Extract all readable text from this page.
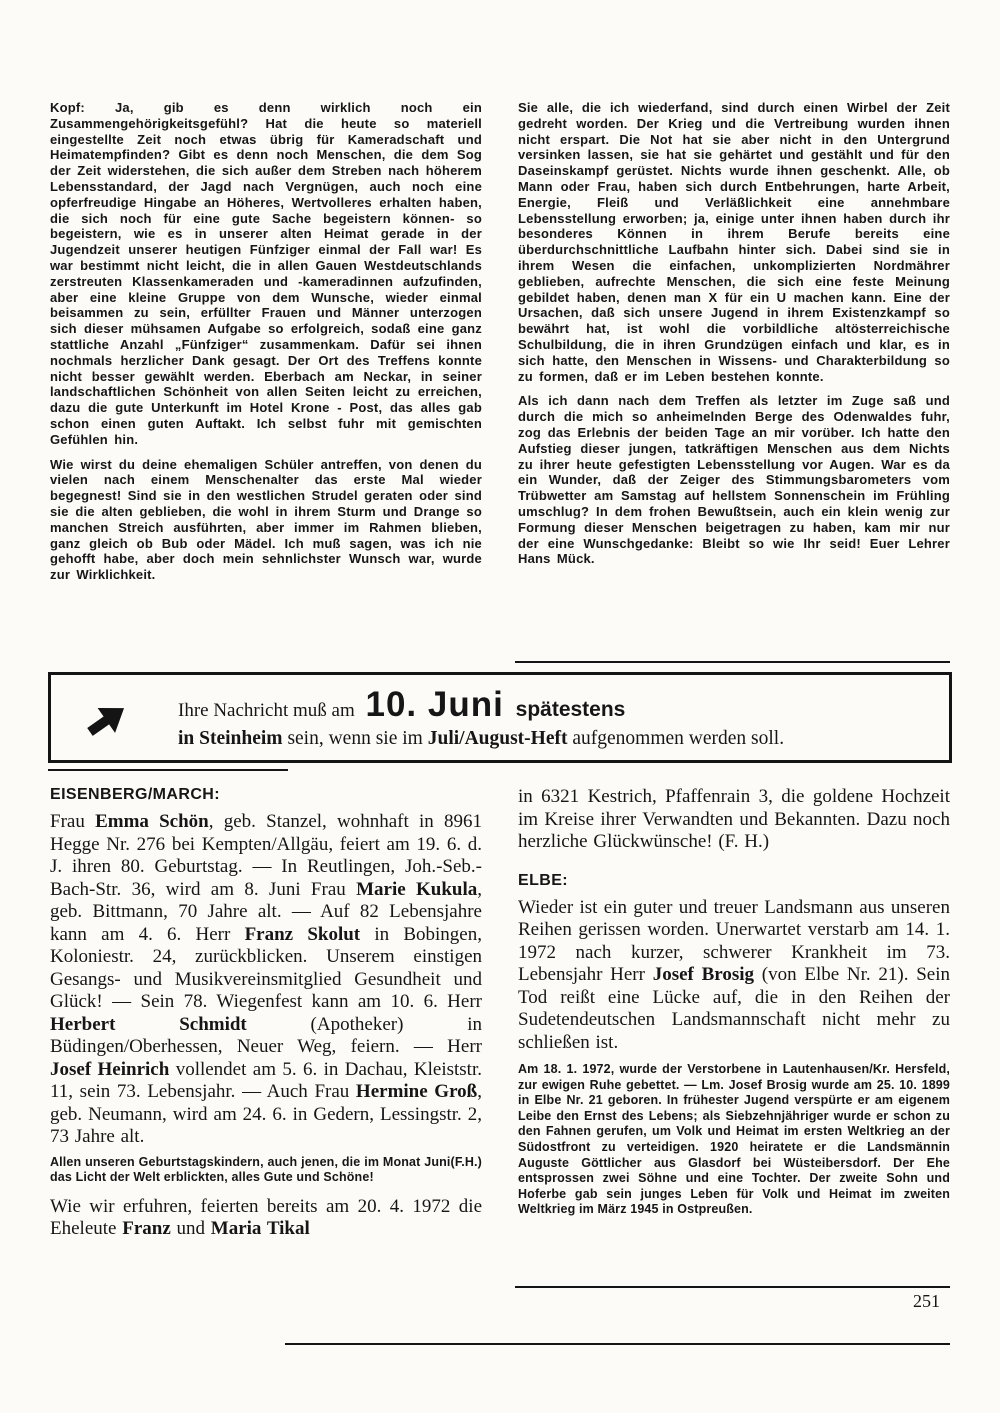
Kopf: Ja, gib es denn wirklich noch ein Zusammengehörigkeitsgefühl? Hat die heute so materiell eingestellte Zeit noch etwas übrig für Kameradschaft und Heimatempfinden? Gibt es denn noch Menschen, die dem Sog der Zeit widerstehen, die sich außer dem Streben nach höherem Lebensstandard, der Jagd nach Vergnügen, auch noch eine opferfreudige Hingabe an Höheres, Wertvolleres erhalten haben, die sich noch für eine gute Sache begeistern können- so begeistern, wie es in unserer alten Heimat gerade in der Jugendzeit unserer heutigen Fünfziger einmal der Fall war! Es war bestimmt nicht leicht, die in allen Gauen Westdeutschlands zerstreuten Klassenkameraden und -kameradinnen aufzufinden, aber eine kleine Gruppe von dem Wunsche, wieder einmal beisammen zu sein, erfüllter Frauen und Männer unterzogen sich dieser mühsamen Aufgabe so erfolgreich, sodaß eine ganz stattliche Anzahl „Fünfziger“ zusammenkam. Dafür sei ihnen nochmals herzlicher Dank gesagt. Der Ort des Treffens konnte nicht besser gewählt werden. Eberbach am Neckar, in seiner landschaftlichen Schönheit von allen Seiten leicht zu erreichen, dazu die gute Unterkunft im Hotel Krone - Post, das alles gab schon einen guten Auftakt. Ich selbst fuhr mit gemischten Gefühlen hin.

Wie wirst du deine ehemaligen Schüler antreffen, von denen du vielen nach einem Menschenalter das erste Mal wieder begegnest! Sind sie in den westlichen Strudel geraten oder sind sie die alten geblieben, die wohl in ihrem Sturm und Drange so manchen Streich ausführten, aber immer im Rahmen blieben, ganz gleich ob Bub oder Mädel. Ich muß sagen, was ich nie gehofft habe, aber doch mein sehnlichster Wunsch war, wurde zur Wirklichkeit.

Sie alle, die ich wiederfand, sind durch einen Wirbel der Zeit gedreht worden. Der Krieg und die Vertreibung wurden ihnen nicht erspart. Die Not hat sie aber nicht in den Untergrund versinken lassen, sie hat sie gehärtet und gestählt und für den Daseinskampf gerüstet. Nichts wurde ihnen geschenkt. Alle, ob Mann oder Frau, haben sich durch Entbehrungen, harte Arbeit, Energie, Fleiß und Verläßlichkeit eine annehmbare Lebensstellung erworben; ja, einige unter ihnen haben durch ihr besonderes Können in ihrem Berufe bereits eine überdurchschnittliche Laufbahn hinter sich. Dabei sind sie in ihrem Wesen die einfachen, unkomplizierten Nordmährer geblieben, aufrechte Menschen, die sich eine feste Meinung gebildet haben, denen man X für ein U machen kann. Eine der Ursachen, daß sich unsere Jugend in ihrem Existenzkampf so bewährt hat, ist wohl die vorbildliche altösterreichische Schulbildung, die in ihren Grundzügen einfach und klar, es in sich hatte, den Menschen in Wissens- und Charakterbildung so zu formen, daß er im Leben bestehen konnte.

Als ich dann nach dem Treffen als letzter im Zuge saß und durch die mich so anheimelnden Berge des Odenwaldes fuhr, zog das Erlebnis der beiden Tage an mir vorüber. Ich hatte den Aufstieg dieser jungen, tatkräftigen Menschen aus dem Nichts zu ihrer heute gefestigten Lebensstellung vor Augen. War es da ein Wunder, daß der Zeiger des Stimmungsbarometers vom Trübwetter am Samstag auf hellstem Sonnenschein im Frühling umschlug? In dem frohen Bewußtsein, auch ein klein wenig zur Formung dieser Menschen beigetragen zu haben, kam mir nur der eine Wunschgedanke: Bleibt so wie Ihr seid! Euer Lehrer Hans Mück.

Ihre Nachricht muß am 10. Juni spätestens
in Steinheim sein, wenn sie im Juli/August-Heft aufgenommen werden soll.
EISENBERG/MARCH:

Frau Emma Schön, geb. Stanzel, wohnhaft in 8961 Hegge Nr. 276 bei Kempten/Allgäu, feiert am 19. 6. d. J. ihren 80. Geburtstag. — In Reutlingen, Joh.-Seb.-Bach-Str. 36, wird am 8. Juni Frau Marie Kukula, geb. Bittmann, 70 Jahre alt. — Auf 82 Lebensjahre kann am 4. 6. Herr Franz Skolut in Bobingen, Koloniestr. 24, zurückblicken. Unserem einstigen Gesangs- und Musikvereinsmitglied Gesundheit und Glück! — Sein 78. Wiegenfest kann am 10. 6. Herr Herbert Schmidt (Apotheker) in Büdingen/Oberhessen, Neuer Weg, feiern. — Herr Josef Heinrich vollendet am 5. 6. in Dachau, Kleiststr. 11, sein 73. Lebensjahr. — Auch Frau Hermine Groß, geb. Neumann, wird am 24. 6. in Gedern, Lessingstr. 2, 73 Jahre alt.

(F.H.)
Allen unseren Geburtstagskindern, auch jenen, die im Monat Juni das Licht der Welt erblickten, alles Gute und Schöne!

Wie wir erfuhren, feierten bereits am 20. 4. 1972 die Eheleute Franz und Maria Tikal

in 6321 Kestrich, Pfaffenrain 3, die goldene Hochzeit im Kreise ihrer Verwandten und Bekannten. Dazu noch herzliche Glückwünsche! (F. H.)

ELBE:

Wieder ist ein guter und treuer Landsmann aus unseren Reihen gerissen worden. Unerwartet verstarb am 14. 1. 1972 nach kurzer, schwerer Krankheit im 73. Lebensjahr Herr Josef Brosig (von Elbe Nr. 21). Sein Tod reißt eine Lücke auf, die in den Reihen der Sudetendeutschen Landsmannschaft nicht mehr zu schließen ist.

Am 18. 1. 1972, wurde der Verstorbene in Lautenhausen/Kr. Hersfeld, zur ewigen Ruhe gebettet. — Lm. Josef Brosig wurde am 25. 10. 1899 in Elbe Nr. 21 geboren. In frühester Jugend verspürte er am eigenem Leibe den Ernst des Lebens; als Siebzehnjähriger wurde er schon zu den Fahnen gerufen, um Volk und Heimat im ersten Weltkrieg an der Südostfront zu verteidigen. 1920 heiratete er die Landsmännin Auguste Göttlicher aus Glasdorf bei Wüsteibersdorf. Der Ehe entsprossen zwei Söhne und eine Tochter. Der zweite Sohn und Hoferbe gab sein junges Leben für Volk und Heimat im zweiten Weltkrieg im März 1945 in Ostpreußen.

251
